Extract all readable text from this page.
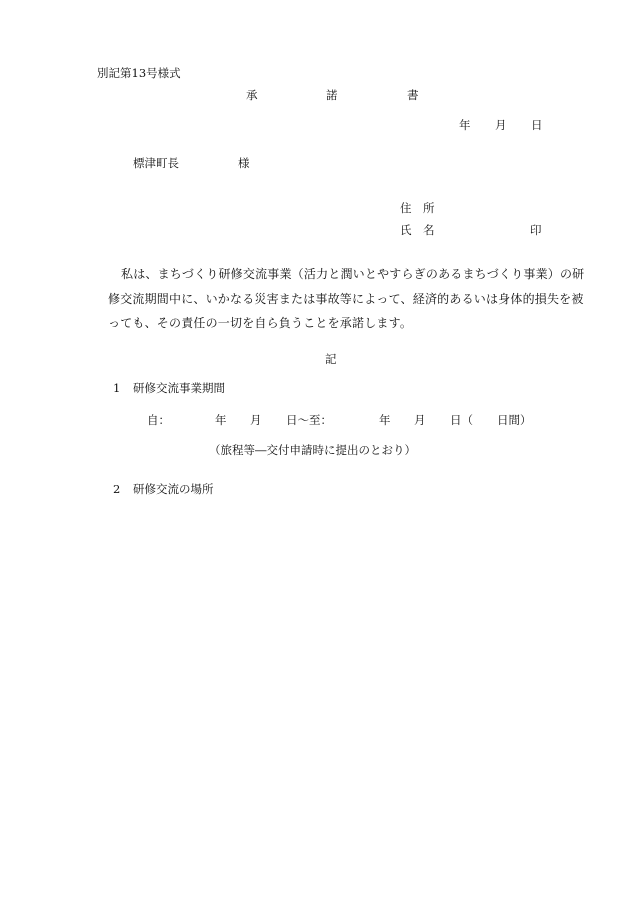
別記第13号様式
承	諾	書
年 月 日
標津町長	様
住　所
氏　名	印
私は、まちづくり研修交流事業（活力と潤いとやすらぎのあるまちづくり事業）の研
修交流期間中に、いかなる災害または事故等によって、経済的あるいは身体的損失を被
っても、その責任の一切を自ら負うことを承諾します。
記
1 研修交流事業期間
自：	年 月 日～至：	年 月 日（ 日間）
（旅程等―交付申請時に提出のとおり）
2 研修交流の場所
